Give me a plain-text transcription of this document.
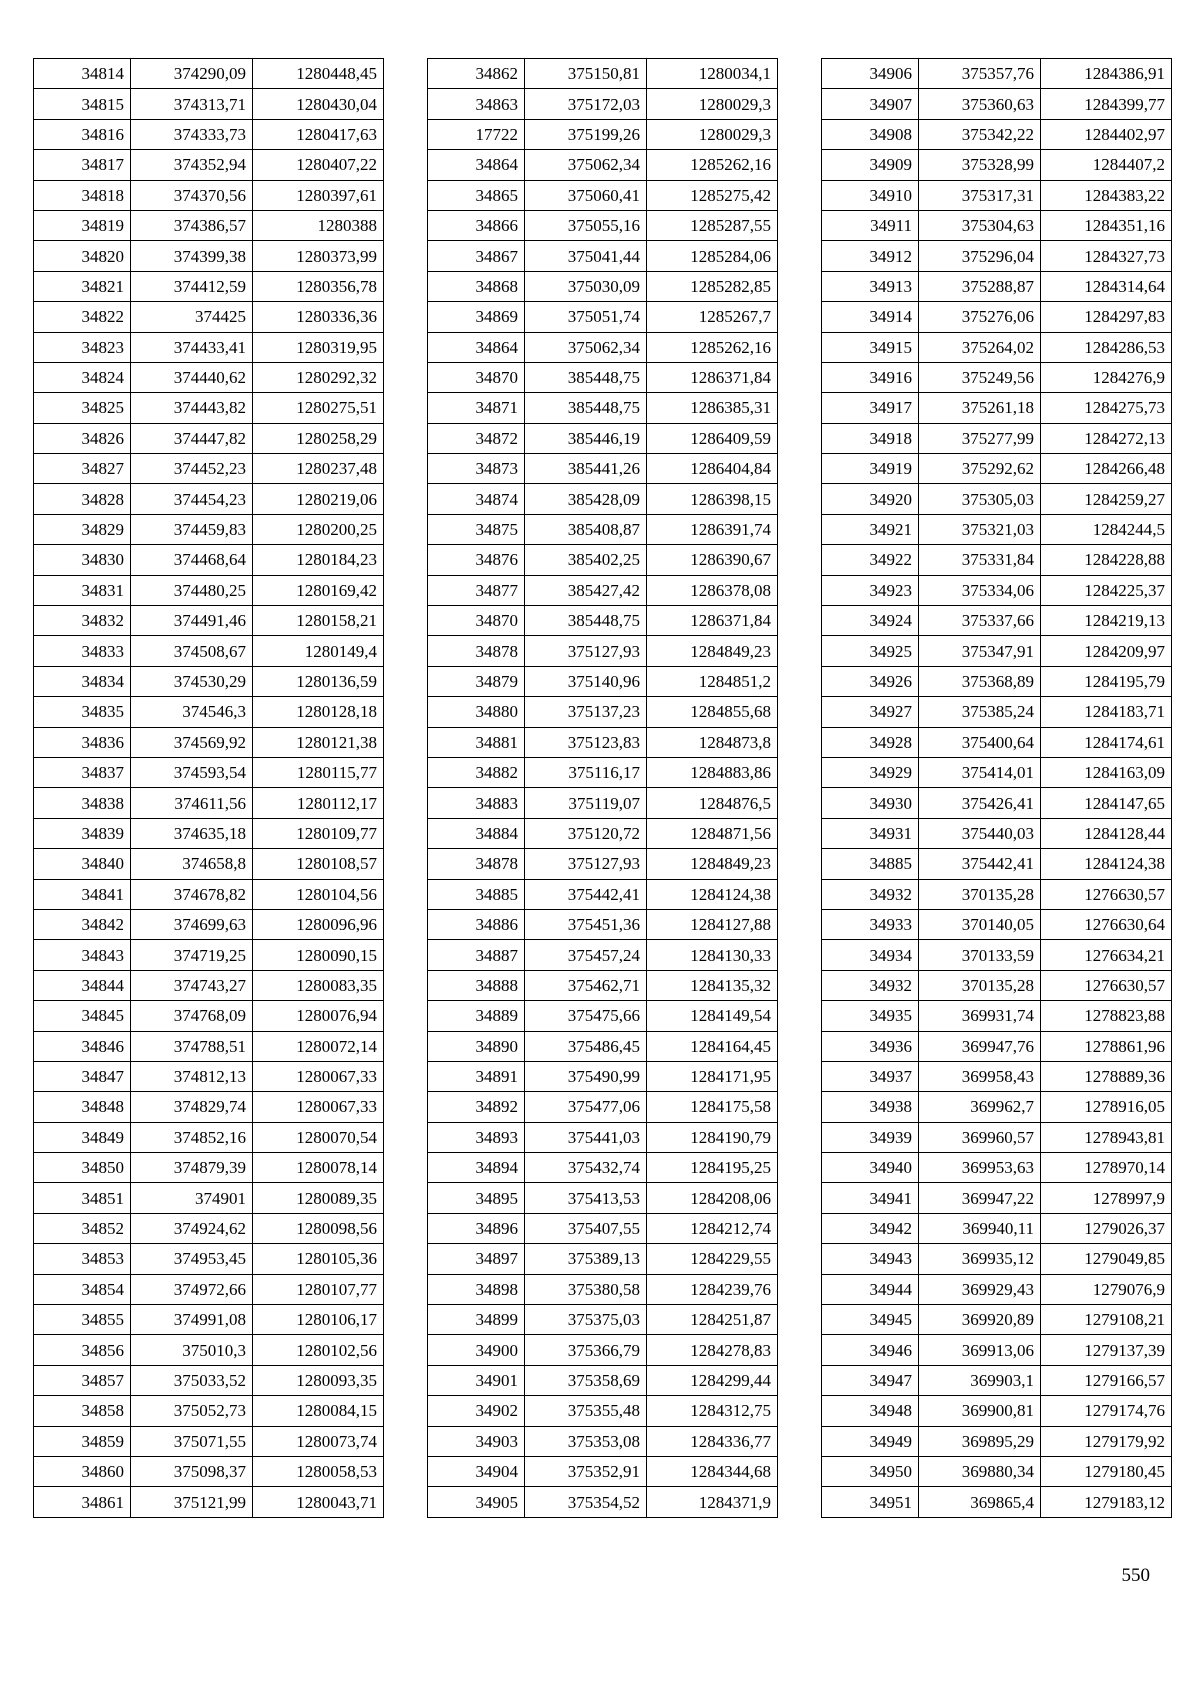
34814	374290,09	1280448,45
34815	374313,71	1280430,04
34816	374333,73	1280417,63
34817	374352,94	1280407,22
34818	374370,56	1280397,61
34819	374386,57	1280388
34820	374399,38	1280373,99
34821	374412,59	1280356,78
34822	374425	1280336,36
34823	374433,41	1280319,95
34824	374440,62	1280292,32
34825	374443,82	1280275,51
34826	374447,82	1280258,29
34827	374452,23	1280237,48
34828	374454,23	1280219,06
34829	374459,83	1280200,25
34830	374468,64	1280184,23
34831	374480,25	1280169,42
34832	374491,46	1280158,21
34833	374508,67	1280149,4
34834	374530,29	1280136,59
34835	374546,3	1280128,18
34836	374569,92	1280121,38
34837	374593,54	1280115,77
34838	374611,56	1280112,17
34839	374635,18	1280109,77
34840	374658,8	1280108,57
34841	374678,82	1280104,56
34842	374699,63	1280096,96
34843	374719,25	1280090,15
34844	374743,27	1280083,35
34845	374768,09	1280076,94
34846	374788,51	1280072,14
34847	374812,13	1280067,33
34848	374829,74	1280067,33
34849	374852,16	1280070,54
34850	374879,39	1280078,14
34851	374901	1280089,35
34852	374924,62	1280098,56
34853	374953,45	1280105,36
34854	374972,66	1280107,77
34855	374991,08	1280106,17
34856	375010,3	1280102,56
34857	375033,52	1280093,35
34858	375052,73	1280084,15
34859	375071,55	1280073,74
34860	375098,37	1280058,53
34861	375121,99	1280043,71
34862	375150,81	1280034,1
34863	375172,03	1280029,3
17722	375199,26	1280029,3
34864	375062,34	1285262,16
34865	375060,41	1285275,42
34866	375055,16	1285287,55
34867	375041,44	1285284,06
34868	375030,09	1285282,85
34869	375051,74	1285267,7
34864	375062,34	1285262,16
34870	385448,75	1286371,84
34871	385448,75	1286385,31
34872	385446,19	1286409,59
34873	385441,26	1286404,84
34874	385428,09	1286398,15
34875	385408,87	1286391,74
34876	385402,25	1286390,67
34877	385427,42	1286378,08
34870	385448,75	1286371,84
34878	375127,93	1284849,23
34879	375140,96	1284851,2
34880	375137,23	1284855,68
34881	375123,83	1284873,8
34882	375116,17	1284883,86
34883	375119,07	1284876,5
34884	375120,72	1284871,56
34878	375127,93	1284849,23
34885	375442,41	1284124,38
34886	375451,36	1284127,88
34887	375457,24	1284130,33
34888	375462,71	1284135,32
34889	375475,66	1284149,54
34890	375486,45	1284164,45
34891	375490,99	1284171,95
34892	375477,06	1284175,58
34893	375441,03	1284190,79
34894	375432,74	1284195,25
34895	375413,53	1284208,06
34896	375407,55	1284212,74
34897	375389,13	1284229,55
34898	375380,58	1284239,76
34899	375375,03	1284251,87
34900	375366,79	1284278,83
34901	375358,69	1284299,44
34902	375355,48	1284312,75
34903	375353,08	1284336,77
34904	375352,91	1284344,68
34905	375354,52	1284371,9
34906	375357,76	1284386,91
34907	375360,63	1284399,77
34908	375342,22	1284402,97
34909	375328,99	1284407,2
34910	375317,31	1284383,22
34911	375304,63	1284351,16
34912	375296,04	1284327,73
34913	375288,87	1284314,64
34914	375276,06	1284297,83
34915	375264,02	1284286,53
34916	375249,56	1284276,9
34917	375261,18	1284275,73
34918	375277,99	1284272,13
34919	375292,62	1284266,48
34920	375305,03	1284259,27
34921	375321,03	1284244,5
34922	375331,84	1284228,88
34923	375334,06	1284225,37
34924	375337,66	1284219,13
34925	375347,91	1284209,97
34926	375368,89	1284195,79
34927	375385,24	1284183,71
34928	375400,64	1284174,61
34929	375414,01	1284163,09
34930	375426,41	1284147,65
34931	375440,03	1284128,44
34885	375442,41	1284124,38
34932	370135,28	1276630,57
34933	370140,05	1276630,64
34934	370133,59	1276634,21
34932	370135,28	1276630,57
34935	369931,74	1278823,88
34936	369947,76	1278861,96
34937	369958,43	1278889,36
34938	369962,7	1278916,05
34939	369960,57	1278943,81
34940	369953,63	1278970,14
34941	369947,22	1278997,9
34942	369940,11	1279026,37
34943	369935,12	1279049,85
34944	369929,43	1279076,9
34945	369920,89	1279108,21
34946	369913,06	1279137,39
34947	369903,1	1279166,57
34948	369900,81	1279174,76
34949	369895,29	1279179,92
34950	369880,34	1279180,45
34951	369865,4	1279183,12
550
